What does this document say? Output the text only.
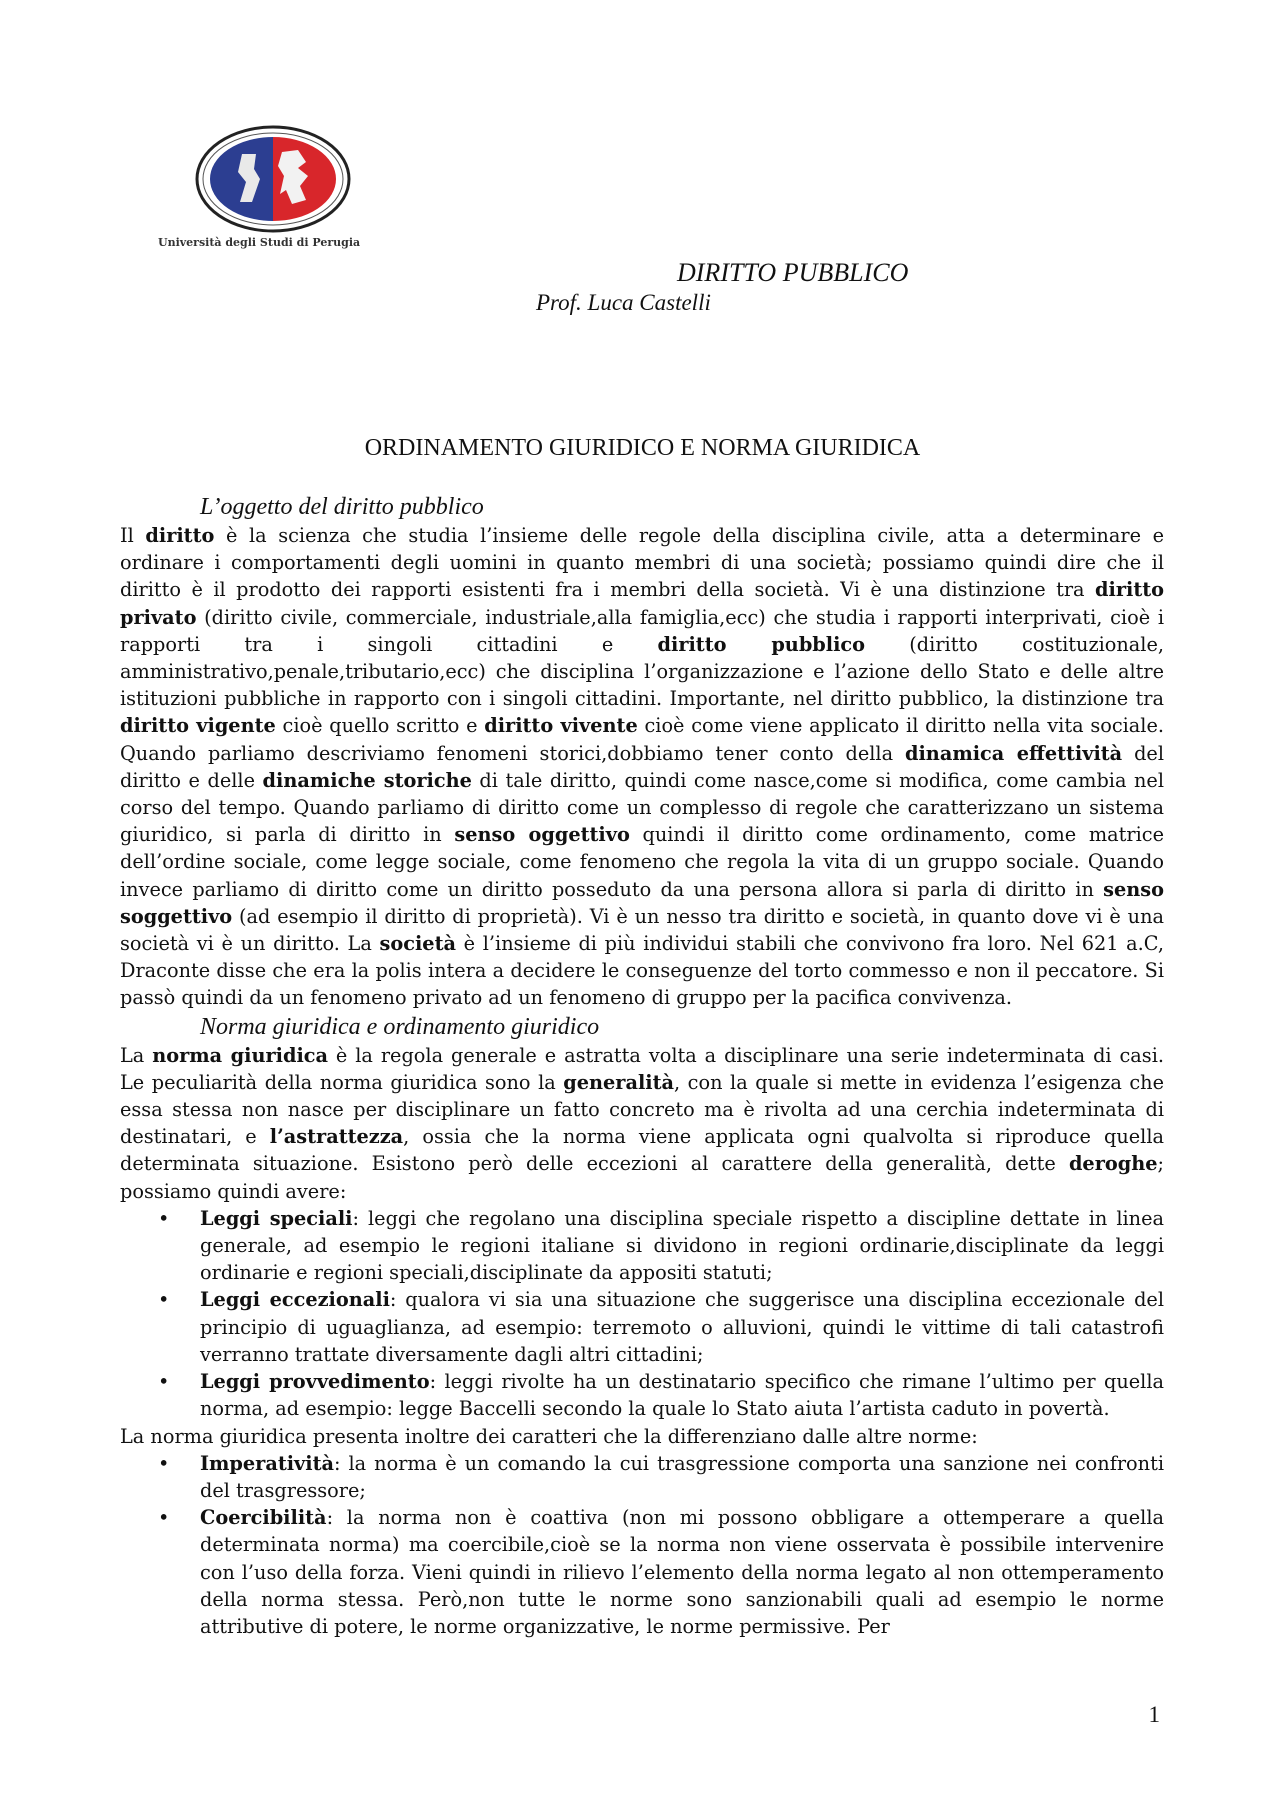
Università degli Studi di Perugia
DIRITTO PUBBLICO
Prof. Luca Castelli
ORDINAMENTO GIURIDICO E NORMA GIURIDICA
L’oggetto del diritto pubblico

Il diritto è la scienza che studia l’insieme delle regole della disciplina civile, atta a determinare e ordinare i comportamenti degli uomini in quanto membri di una società; possiamo quindi dire che il diritto è il prodotto dei rapporti esistenti fra i membri della società. Vi è una distinzione tra diritto privato (diritto civile, commerciale, industriale,alla famiglia,ecc) che studia i rapporti interprivati, cioè i rapporti tra i singoli cittadini e diritto pubblico (diritto costituzionale, amministrativo,penale,tributario,ecc) che disciplina l’organizzazione e l’azione dello Stato e delle altre istituzioni pubbliche in rapporto con i singoli cittadini. Importante, nel diritto pubblico, la distinzione tra diritto vigente cioè quello scritto e diritto vivente cioè come viene applicato il diritto nella vita sociale. Quando parliamo descriviamo fenomeni storici,dobbiamo tener conto della dinamica effettività del diritto e delle dinamiche storiche di tale diritto, quindi come nasce,come si modifica, come cambia nel corso del tempo. Quando parliamo di diritto come un complesso di regole che caratterizzano un sistema giuridico, si parla di diritto in senso oggettivo quindi il diritto come ordinamento, come matrice dell’ordine sociale, come legge sociale, come fenomeno che regola la vita di un gruppo sociale. Quando invece parliamo di diritto come un diritto posseduto da una persona allora si parla di diritto in senso soggettivo (ad esempio il diritto di proprietà). Vi è un nesso tra diritto e società, in quanto dove vi è una società vi è un diritto. La società è l’insieme di più individui stabili che convivono fra loro. Nel 621 a.C, Draconte disse che era la polis intera a decidere le conseguenze del torto commesso e non il peccatore. Si passò quindi da un fenomeno privato ad un fenomeno di gruppo per la pacifica convivenza.

Norma giuridica e ordinamento giuridico

La norma giuridica è la regola generale e astratta volta a disciplinare una serie indeterminata di casi. Le peculiarità della norma giuridica sono la generalità, con la quale si mette in evidenza l’esigenza che essa stessa non nasce per disciplinare un fatto concreto ma è rivolta ad una cerchia indeterminata di destinatari, e l’astrattezza, ossia che la norma viene applicata ogni qualvolta si riproduce quella determinata situazione. Esistono però delle eccezioni al carattere della generalità, dette deroghe; possiamo quindi avere:

• Leggi speciali: leggi che regolano una disciplina speciale rispetto a discipline dettate in linea generale, ad esempio le regioni italiane si dividono in regioni ordinarie,disciplinate da leggi ordinarie e regioni speciali,disciplinate da appositi statuti;
• Leggi eccezionali: qualora vi sia una situazione che suggerisce una disciplina eccezionale del principio di uguaglianza, ad esempio: terremoto o alluvioni, quindi le vittime di tali catastrofi verranno trattate diversamente dagli altri cittadini;
• Leggi provvedimento: leggi rivolte ha un destinatario specifico che rimane l’ultimo per quella norma, ad esempio: legge Baccelli secondo la quale lo Stato aiuta l’artista caduto in povertà.

La norma giuridica presenta inoltre dei caratteri che la differenziano dalle altre norme:

• Imperatività: la norma è un comando la cui trasgressione comporta una sanzione nei confronti del trasgressore;
• Coercibilità: la norma non è coattiva (non mi possono obbligare a ottemperare a quella determinata norma) ma coercibile,cioè se la norma non viene osservata è possibile intervenire con l’uso della forza. Vieni quindi in rilievo l’elemento della norma legato al non ottemperamento della norma stessa. Però,non tutte le norme sono sanzionabili quali ad esempio le norme attributive di potere, le norme organizzative, le norme permissive. Per
1
